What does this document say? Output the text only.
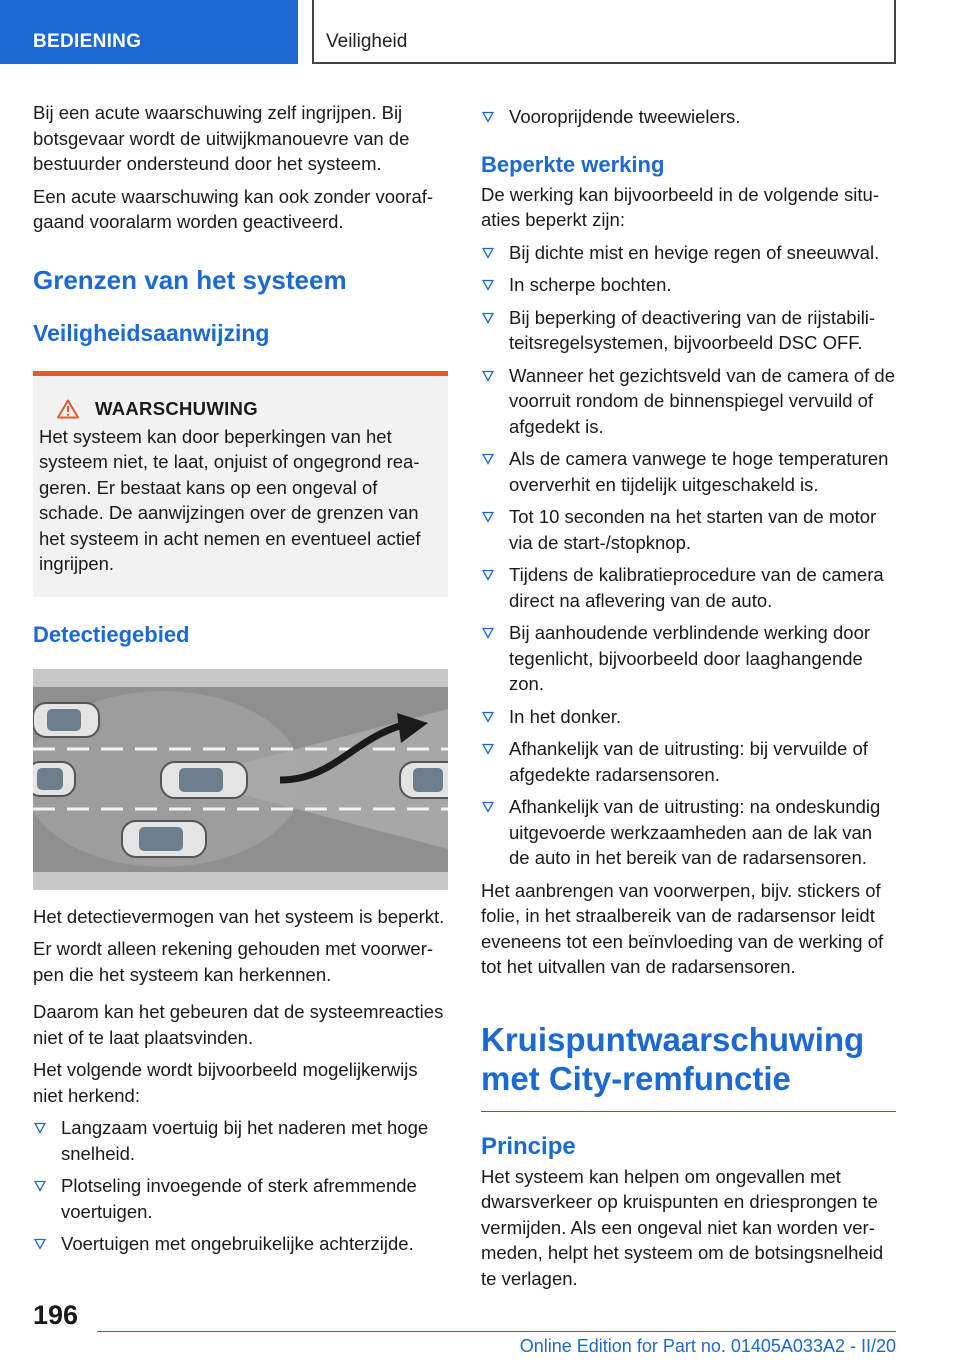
BEDIENING	Veiligheid

Bij een acute waarschuwing zelf ingrijpen. Bij botsgevaar wordt de uitwijkmanouevre van de bestuurder ondersteund door het systeem.

Een acute waarschuwing kan ook zonder voorafgaand vooralarm worden geactiveerd.

Grenzen van het systeem
Veiligheidsaanwijzing
WAARSCHUWING

Het systeem kan door beperkingen van het systeem niet, te laat, onjuist of ongegrond reageren. Er bestaat kans op een ongeval of schade. De aanwijzingen over de grenzen van het systeem in acht nemen en eventueel actief ingrijpen.

Detectiegebied

Het detectievermogen van het systeem is beperkt.

Er wordt alleen rekening gehouden met voorwerpen die het systeem kan herkennen.

Daarom kan het gebeuren dat de systeemreacties niet of te laat plaatsvinden.

Het volgende wordt bijvoorbeeld mogelijkerwijs niet herkend:

Langzaam voertuig bij het naderen met hoge snelheid.
Plotseling invoegende of sterk afremmende voertuigen.
Voertuigen met ongebruikelijke achterzijde.
Vooroprijdende tweewielers.
Beperkte werking

De werking kan bijvoorbeeld in de volgende situaties beperkt zijn:

Bij dichte mist en hevige regen of sneeuwval.
In scherpe bochten.
Bij beperking of deactivering van de rijstabiliteitsregelsystemen, bijvoorbeeld DSC OFF.
Wanneer het gezichtsveld van de camera of de voorruit rondom de binnenspiegel vervuild of afgedekt is.
Als de camera vanwege te hoge temperaturen oververhit en tijdelijk uitgeschakeld is.
Tot 10 seconden na het starten van de motor via de start-/stopknop.
Tijdens de kalibratieprocedure van de camera direct na aflevering van de auto.
Bij aanhoudende verblindende werking door tegenlicht, bijvoorbeeld door laaghangende zon.
In het donker.
Afhankelijk van de uitrusting: bij vervuilde of afgedekte radarsensoren.
Afhankelijk van de uitrusting: na ondeskundig uitgevoerde werkzaamheden aan de lak van de auto in het bereik van de radarsensoren.

Het aanbrengen van voorwerpen, bijv. stickers of folie, in het straalbereik van de radarsensor leidt eveneens tot een beïnvloeding van de werking of tot het uitvallen van de radarsensoren.

Kruispuntwaarschuwing met City-remfunctie
Principe

Het systeem kan helpen om ongevallen met dwarsverkeer op kruispunten en driesprongen te vermijden. Als een ongeval niet kan worden vermeden, helpt het systeem om de botsingsnelheid te verlagen.

196
Online Edition for Part no. 01405A033A2 - II/20
